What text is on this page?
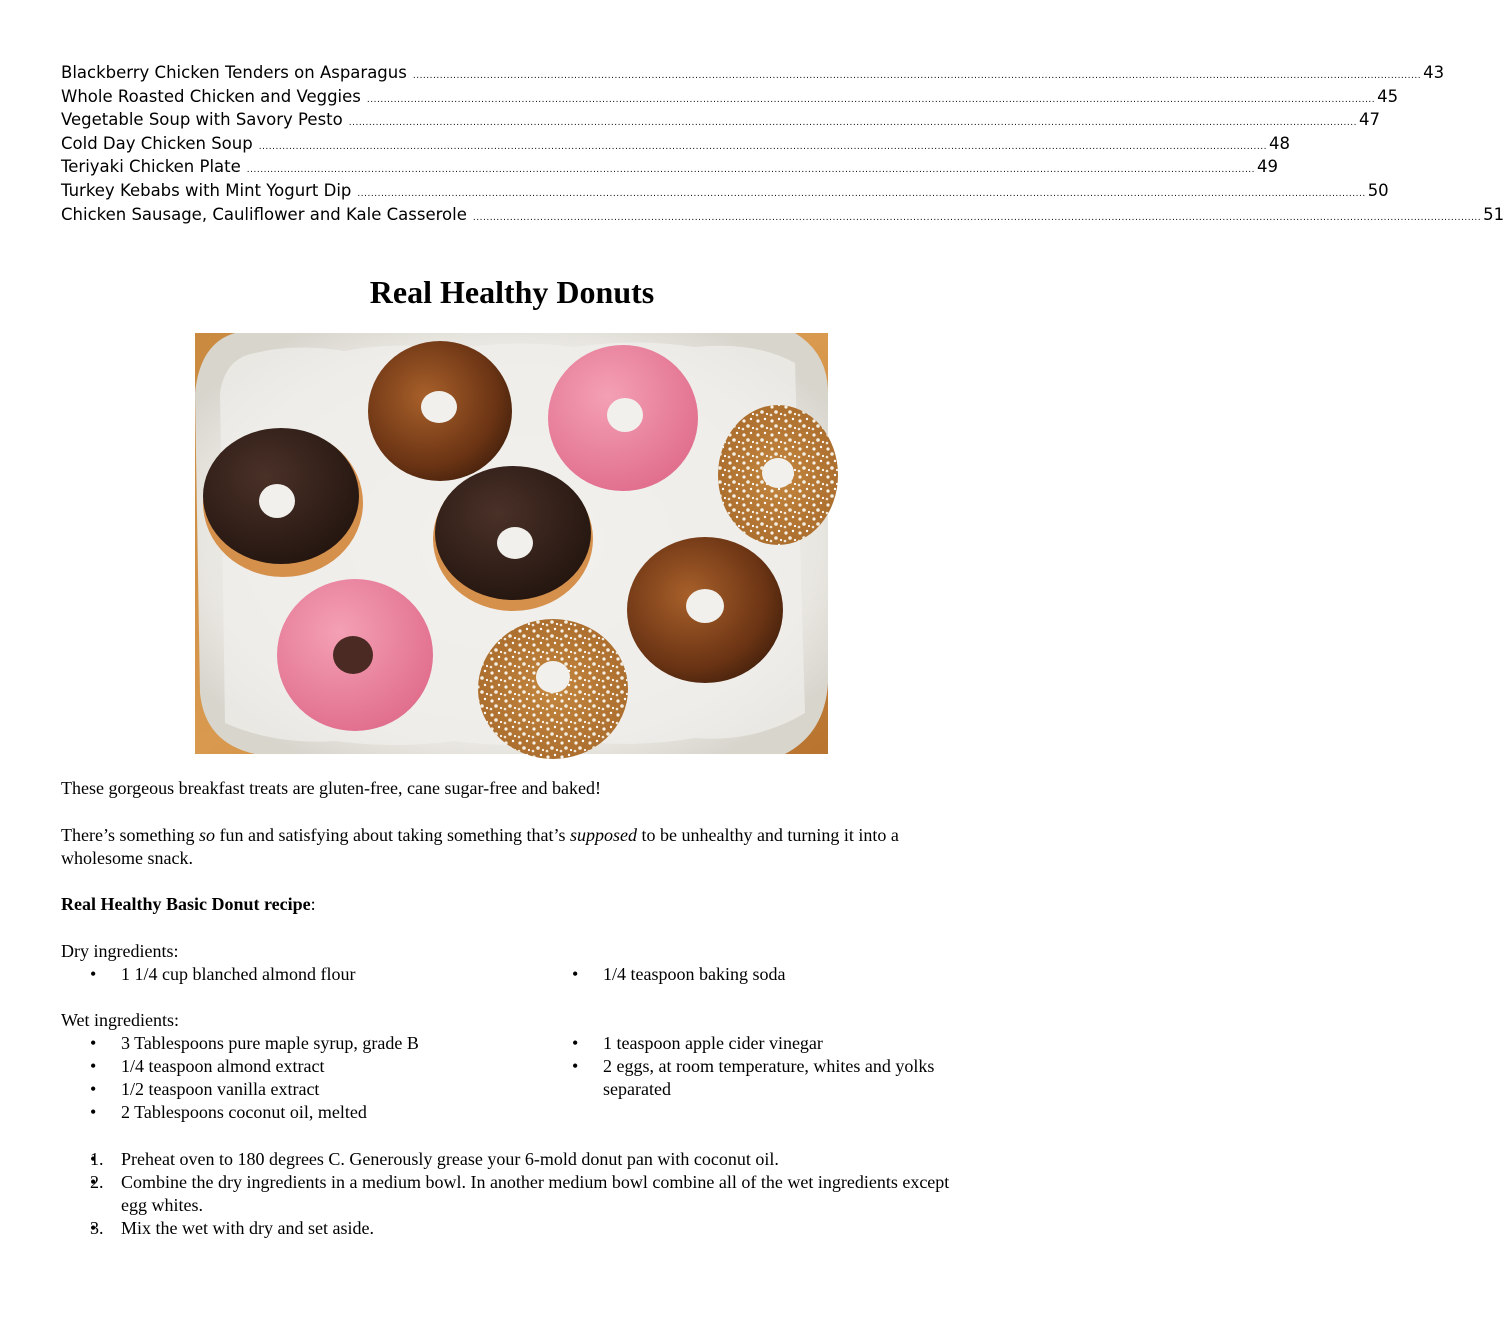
Blackberry Chicken Tenders on Asparagus ............................................................................................................................................................................................................................................................................................................ 43
Whole Roasted Chicken and Veggies ............................................................................................................................................................................................................................................................................................................ 45
Vegetable Soup with Savory Pesto ............................................................................................................................................................................................................................................................................................................ 47
Cold Day Chicken Soup ............................................................................................................................................................................................................................................................................................................ 48
Teriyaki Chicken Plate ............................................................................................................................................................................................................................................................................................................ 49
Turkey Kebabs with Mint Yogurt Dip ............................................................................................................................................................................................................................................................................................................ 50
Chicken Sausage, Cauliflower and Kale Casserole ............................................................................................................................................................................................................................................................................................................ 51
Real Healthy Donuts

These gorgeous breakfast treats are gluten-free, cane sugar-free and baked!

There’s something so fun and satisfying about taking something that’s supposed to be unhealthy and turning it into a wholesome snack.

Real Healthy Basic Donut recipe:

Dry ingredients:

• 1 1/4 cup blanched almond flour	• 1/4 teaspoon baking soda

Wet ingredients:

• 3 Tablespoons pure maple syrup, grade B
• 1/4 teaspoon almond extract
• 1/2 teaspoon vanilla extract
• 2 Tablespoons coconut oil, melted
• 1 teaspoon apple cider vinegar
• 2 eggs, at room temperature, whites and yolks separated
• 1. Preheat oven to 180 degrees C. Generously grease your 6-mold donut pan with coconut oil.
• 2. Combine the dry ingredients in a medium bowl. In another medium bowl combine all of the wet ingredients except egg whites.
• 3. Mix the wet with dry and set aside.
